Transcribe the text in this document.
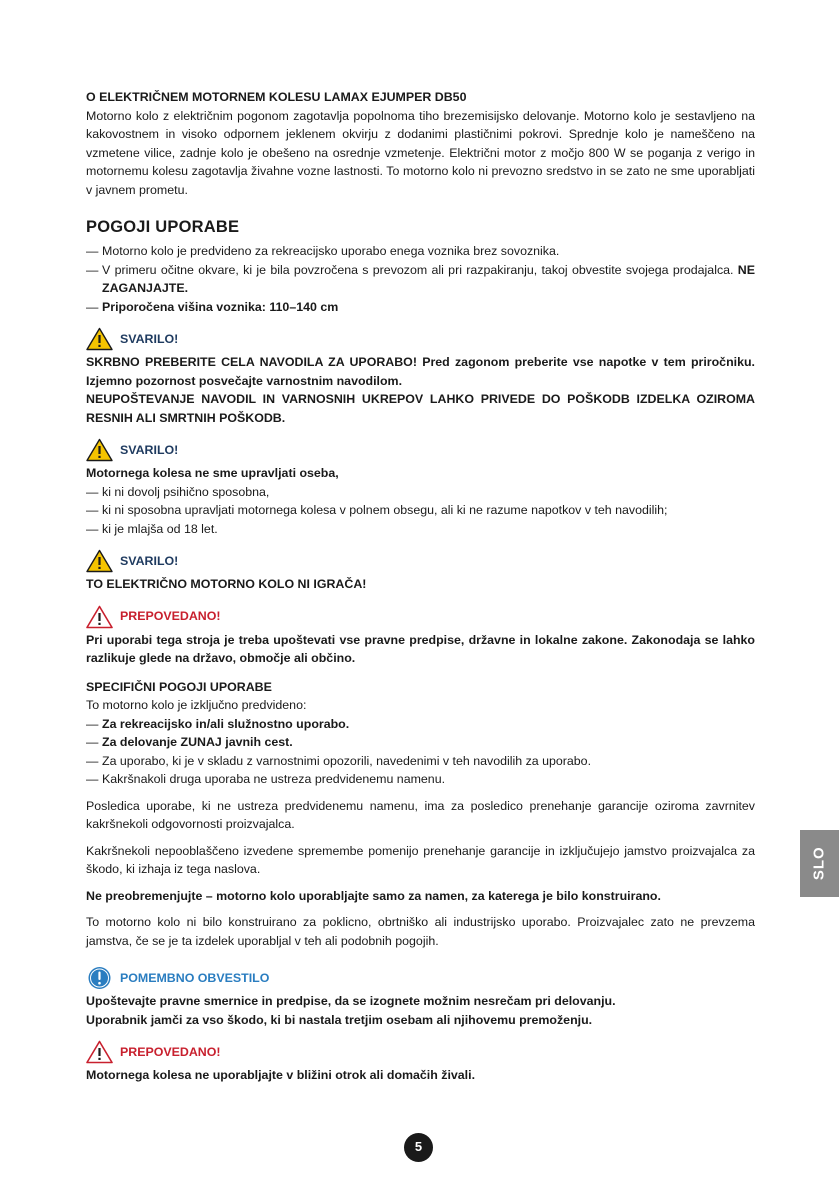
O ELEKTRIČNEM MOTORNEM KOLESU LAMAX EJUMPER DB50

Motorno kolo z električnim pogonom zagotavlja popolnoma tiho brezemisijsko delovanje. Motorno kolo je sestavljeno na kakovostnem in visoko odpornem jeklenem okvirju z dodanimi plastičnimi pokrovi. Sprednje kolo je nameščeno na vzmetene vilice, zadnje kolo je obešeno na osrednje vzmetenje. Električni motor z močjo 800 W se poganja z verigo in motornemu kolesu zagotavlja živahne vozne lastnosti. To motorno kolo ni prevozno sredstvo in se zato ne sme uporabljati v javnem prometu.

POGOJI UPORABE
— Motorno kolo je predvideno za rekreacijsko uporabo enega voznika brez sovoznika.
— V primeru očitne okvare, ki je bila povzročena s prevozom ali pri razpakiranju, takoj obvestite svojega prodajalca. NE ZAGANJAJTE.
— Priporočena višina voznika: 110–140 cm
SVARILO!

SKRBNO PREBERITE CELA NAVODILA ZA UPORABO! Pred zagonom preberite vse napotke v tem priročniku. Izjemno pozornost posvečajte varnostnim navodilom.

NEUPOŠTEVANJE NAVODIL IN VARNOSNIH UKREPOV LAHKO PRIVEDE DO POŠKODB IZDELKA OZIROMA RESNIH ALI SMRTNIH POŠKODB.

SVARILO!

Motornega kolesa ne sme upravljati oseba,

— ki ni dovolj psihično sposobna,
— ki ni sposobna upravljati motornega kolesa v polnem obsegu, ali ki ne razume napotkov v teh navodilih;
— ki je mlajša od 18 let.
SVARILO!

TO ELEKTRIČNO MOTORNO KOLO NI IGRAČA!

PREPOVEDANO!

Pri uporabi tega stroja je treba upoštevati vse pravne predpise, državne in lokalne zakone. Zakonodaja se lahko razlikuje glede na državo, območje ali občino.

SPECIFIČNI POGOJI UPORABE

To motorno kolo je izključno predvideno:

— Za rekreacijsko in/ali služnostno uporabo.
— Za delovanje ZUNAJ javnih cest.
— Za uporabo, ki je v skladu z varnostnimi opozorili, navedenimi v teh navodilih za uporabo.
— Kakršnakoli druga uporaba ne ustreza predvidenemu namenu.

Posledica uporabe, ki ne ustreza predvidenemu namenu, ima za posledico prenehanje garancije oziroma zavrnitev kakršnekoli odgovornosti proizvajalca.

Kakršnekoli nepooblaščeno izvedene spremembe pomenijo prenehanje garancije in izključujejo jamstvo proizvajalca za škodo, ki izhaja iz tega naslova.

Ne preobremenjujte – motorno kolo uporabljajte samo za namen, za katerega je bilo konstruirano.

To motorno kolo ni bilo konstruirano za poklicno, obrtniško ali industrijsko uporabo. Proizvajalec zato ne prevzema jamstva, če se je ta izdelek uporabljal v teh ali podobnih pogojih.

POMEMBNO OBVESTILO

Upoštevajte pravne smernice in predpise, da se izognete možnim nesrečam pri delovanju.

Uporabnik jamči za vso škodo, ki bi nastala tretjim osebam ali njihovemu premoženju.

PREPOVEDANO!

Motornega kolesa ne uporabljajte v bližini otrok ali domačih živali.

SLO
5
